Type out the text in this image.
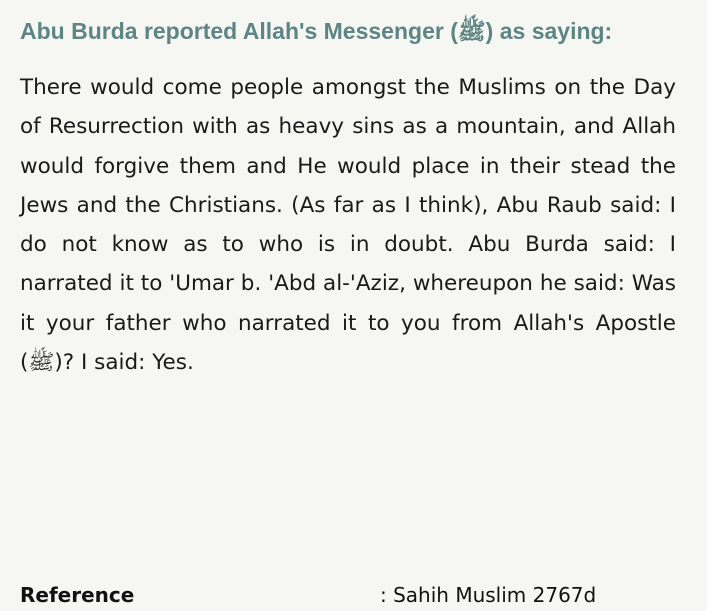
Abu Burda reported Allah's Messenger (ﷺ) as saying:

There would come people amongst the Muslims on the Day of Resurrection with as heavy sins as a mountain, and Allah would forgive them and He would place in their stead the Jews and the Christians. (As far as I think), Abu Raub said: I do not know as to who is in doubt. Abu Burda said: I narrated it to 'Umar b. 'Abd al-'Aziz, whereupon he said: Was it your father who narrated it to you from Allah's Apostle (ﷺ)? I said: Yes.

Reference	: Sahih Muslim 2767d
